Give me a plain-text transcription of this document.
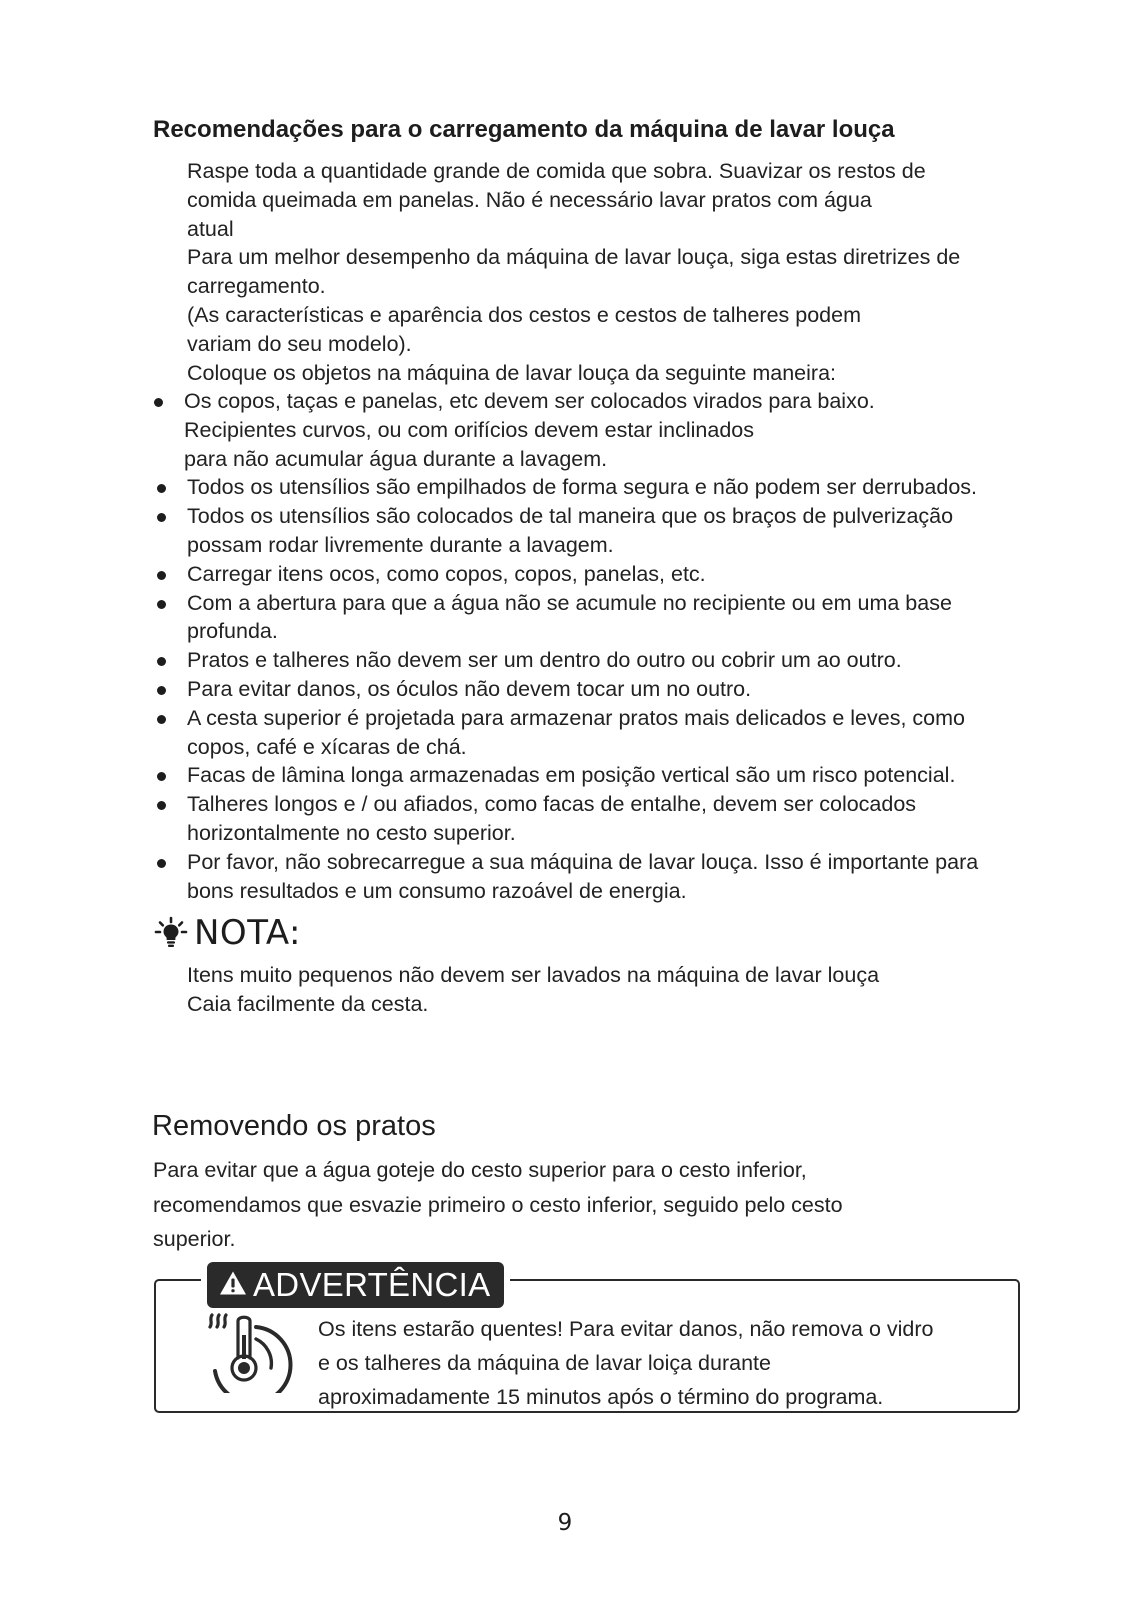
Recomendações para o carregamento da máquina de lavar louça

Raspe toda a quantidade grande de comida que sobra. Suavizar os restos de

comida queimada em panelas. Não é necessário lavar pratos com água

atual

Para um melhor desempenho da máquina de lavar louça, siga estas diretrizes de

carregamento.

(As características e aparência dos cestos e cestos de talheres podem

variam do seu modelo).

Coloque os objetos na máquina de lavar louça da seguinte maneira:

Os copos, taças e panelas, etc devem ser colocados virados para baixo.
Recipientes curvos, ou com orifícios devem estar inclinados
para não acumular água durante a lavagem.
Todos os utensílios são empilhados de forma segura e não podem ser derrubados.
Todos os utensílios são colocados de tal maneira que os braços de pulverização
possam rodar livremente durante a lavagem.
Carregar itens ocos, como copos, copos, panelas, etc.
Com a abertura para que a água não se acumule no recipiente ou em uma base
profunda.
Pratos e talheres não devem ser um dentro do outro ou cobrir um ao outro.
Para evitar danos, os óculos não devem tocar um no outro.
A cesta superior é projetada para armazenar pratos mais delicados e leves, como
copos, café e xícaras de chá.
Facas de lâmina longa armazenadas em posição vertical são um risco potencial.
Talheres longos e / ou afiados, como facas de entalhe, devem ser colocados
horizontalmente no cesto superior.
Por favor, não sobrecarregue a sua máquina de lavar louça. Isso é importante para
bons resultados e um consumo razoável de energia.
NOTA:

Itens muito pequenos não devem ser lavados na máquina de lavar louça

Caia facilmente da cesta.

Removendo os pratos

Para evitar que a água goteje do cesto superior para o cesto inferior,

recomendamos que esvazie primeiro o cesto inferior, seguido pelo cesto

superior.

ADVERTÊNCIA

Os itens estarão quentes! Para evitar danos, não remova o vidro

e os talheres da máquina de lavar loiça durante

aproximadamente 15 minutos após o término do programa.

9
